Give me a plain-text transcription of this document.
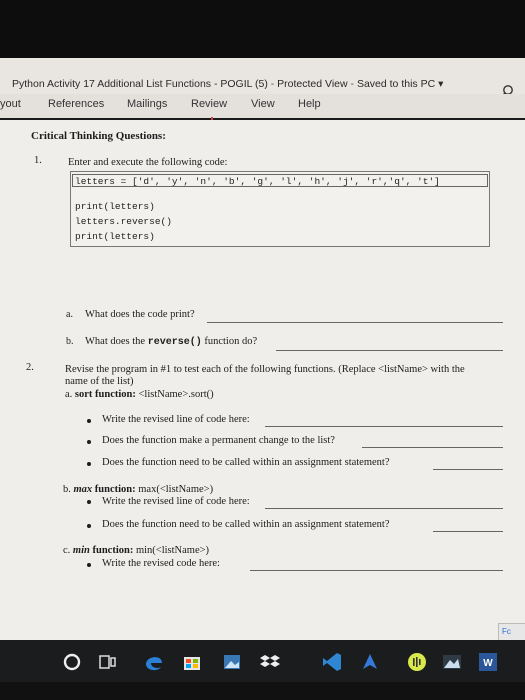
Python Activity 17 Additional List Functions - POGIL (5) - Protected View - Saved to this PC ▾
yout References Mailings Review View Help
Critical Thinking Questions:
1. Enter and execute the following code:
letters = ['d', 'y', 'n', 'b', 'g', 'l', 'h', 'j', 'r','q', 't']
print(letters)
letters.reverse()
print(letters)
a. What does the code print?
b. What does the reverse() function do?
2.	Revise the program in #1 to test each of the following functions. (Replace <listName> with the
name of the list)
a. sort function: <listName>.sort()
Write the revised line of code here:
Does the function make a permanent change to the list?
Does the function need to be called within an assignment statement?
b. max function: max(<listName>)
Write the revised line of code here:
Does the function need to be called within an assignment statement?
c. min function: min(<listName>)
Write the revised code here:
Fc
W
